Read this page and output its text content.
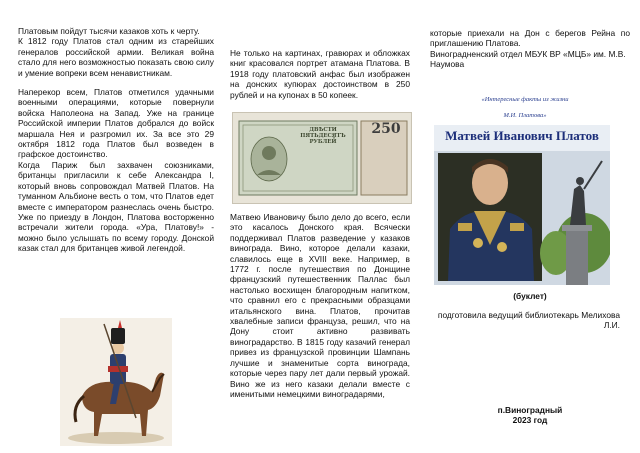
Платовым пойдут тысячи казаков хоть к черту.
К 1812 году Платов стал одним из старейших генералов российской армии. Великая война стало для него возможностью показать свою силу и умение вопреки всем ненавистникам.
Наперекор всем, Платов отметился удачными военными операциями, которые повернули войска Наполеона на Запад. Уже на границе Российской империи Платов добрался до войск маршала Нея и разгромил их. За все это 29 октября 1812 года Платов был возведен в графское достоинство.
Когда Париж был захвачен союзниками, британцы пригласили к себе Александра I, который вновь сопровождал Матвей Платов. На туманном Альбионе весть о том, что Платов едет вместе с императором разнеслась очень быстро. Уже по приезду в Лондон, Платова восторженно встречали жители города. «Ура, Платову!» - можно было услышать по всему городу. Донской казак стал для британцев живой легендой.
Не только на картинах, гравюрах и обложках книг красовался портрет атамана Платова. В 1918 году платовский анфас был изображен на донских купюрах достоинством в 250 рублей и на купонах в 50 копеек.
ДВѢСТИ ПЯТЬДЕСЯТЪ РУБЛЕЙ
250
Матвею Ивановичу было дело до всего, если это касалось Донского края. Всячески поддерживал Платов разведение у казаков винограда. Вино, которое делали казаки, славилось еще в XVIII веке. Например, в 1772 г. после путешествия по Донщине французский путешественник Паллас был настолько восхищен благородным напитком, что сравнил его с прекрасными образцами итальянского вина. Платов, прочитав хвалебные записи француза, решил, что на Дону стоит активно развивать виноградарство. В 1815 году казачий генерал привез из французской провинции Шампань лучшие и знаменитые сорта винограда, которые через пару лет дали первый урожай. Вино же из него казаки делали вместе с именитыми немецкими виноградарями,
которые приехали на Дон с берегов Рейна по приглашению Платова.
Виноградненский отдел МБУК ВР «МЦБ» им. М.В. Наумова
«Интересные факты из жизни
М.И. Платова»
Матвей Иванович Платов
(буклет)
подготовила ведущий библиотекарь Мелихова Л.И.
п.Виноградный
2023 год
